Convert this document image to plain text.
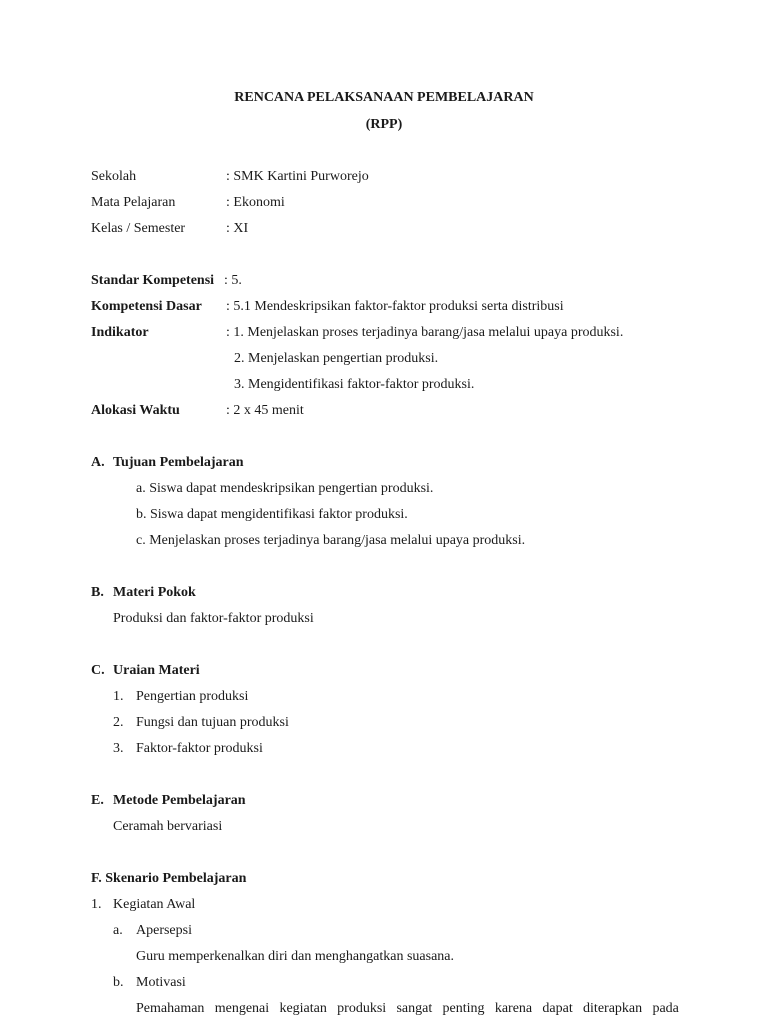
RENCANA PELAKSANAAN PEMBELAJARAN
(RPP)
Sekolah	: SMK Kartini Purworejo
Mata Pelajaran	: Ekonomi
Kelas / Semester	: XI
Standar Kompetensi : 5.
Kompetensi Dasar : 5.1 Mendeskripsikan faktor-faktor produksi serta distribusi
Indikator	: 1. Menjelaskan proses terjadinya barang/jasa melalui upaya produksi.
2. Menjelaskan pengertian produksi.
3. Mengidentifikasi faktor-faktor produksi.
Alokasi Waktu	: 2 x 45 menit
A. Tujuan Pembelajaran
a. Siswa dapat mendeskripsikan pengertian produksi.
b. Siswa dapat mengidentifikasi faktor produksi.
c. Menjelaskan proses terjadinya barang/jasa melalui upaya produksi.
B. Materi Pokok
Produksi dan faktor-faktor produksi
C. Uraian Materi
1. Pengertian produksi
2. Fungsi dan tujuan produksi
3. Faktor-faktor produksi
E. Metode Pembelajaran
Ceramah bervariasi
F. Skenario Pembelajaran
1. Kegiatan Awal
a. Apersepsi
Guru memperkenalkan diri dan menghangatkan suasana.
b. Motivasi
Pemahaman mengenai kegiatan produksi sangat penting karena dapat diterapkan pada
